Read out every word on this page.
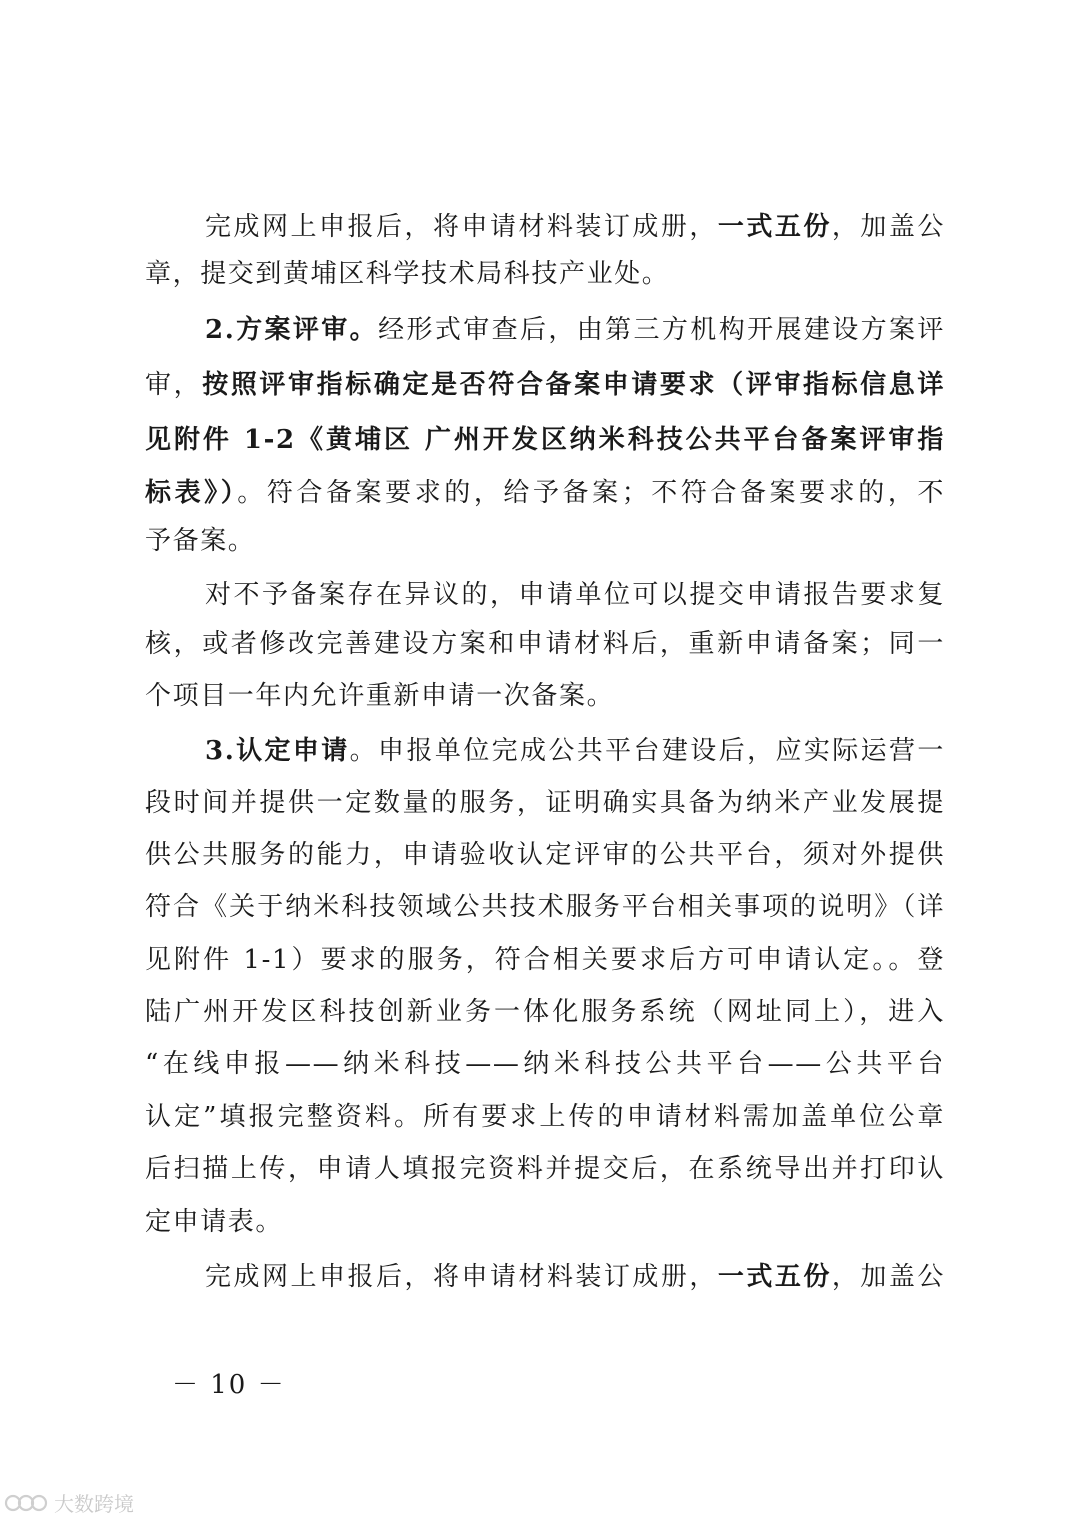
完成网上申报后，将申请材料装订成册，一式五份，加盖公
章，提交到黄埔区科学技术局科技产业处。
2.方案评审。经形式审查后，由第三方机构开展建设方案评
审，按照评审指标确定是否符合备案申请要求（评审指标信息详
见附件 1-2《黄埔区 广州开发区纳米科技公共平台备案评审指
标表》）。符合备案要求的，给予备案；不符合备案要求的，不
予备案。
对不予备案存在异议的，申请单位可以提交申请报告要求复
核，或者修改完善建设方案和申请材料后，重新申请备案；同一
个项目一年内允许重新申请一次备案。
3.认定申请。申报单位完成公共平台建设后，应实际运营一
段时间并提供一定数量的服务，证明确实具备为纳米产业发展提
供公共服务的能力，申请验收认定评审的公共平台，须对外提供
符合《关于纳米科技领域公共技术服务平台相关事项的说明》（详
见附件 1-1）要求的服务，符合相关要求后方可申请认定。。登
陆广州开发区科技创新业务一体化服务系统（网址同上），进入
“在线申报——纳米科技——纳米科技公共平台——公共平台
认定”填报完整资料。所有要求上传的申请材料需加盖单位公章
后扫描上传，申请人填报完资料并提交后，在系统导出并打印认
定申请表。
完成网上申报后，将申请材料装订成册，一式五份，加盖公
－ 10 －
大数跨境
